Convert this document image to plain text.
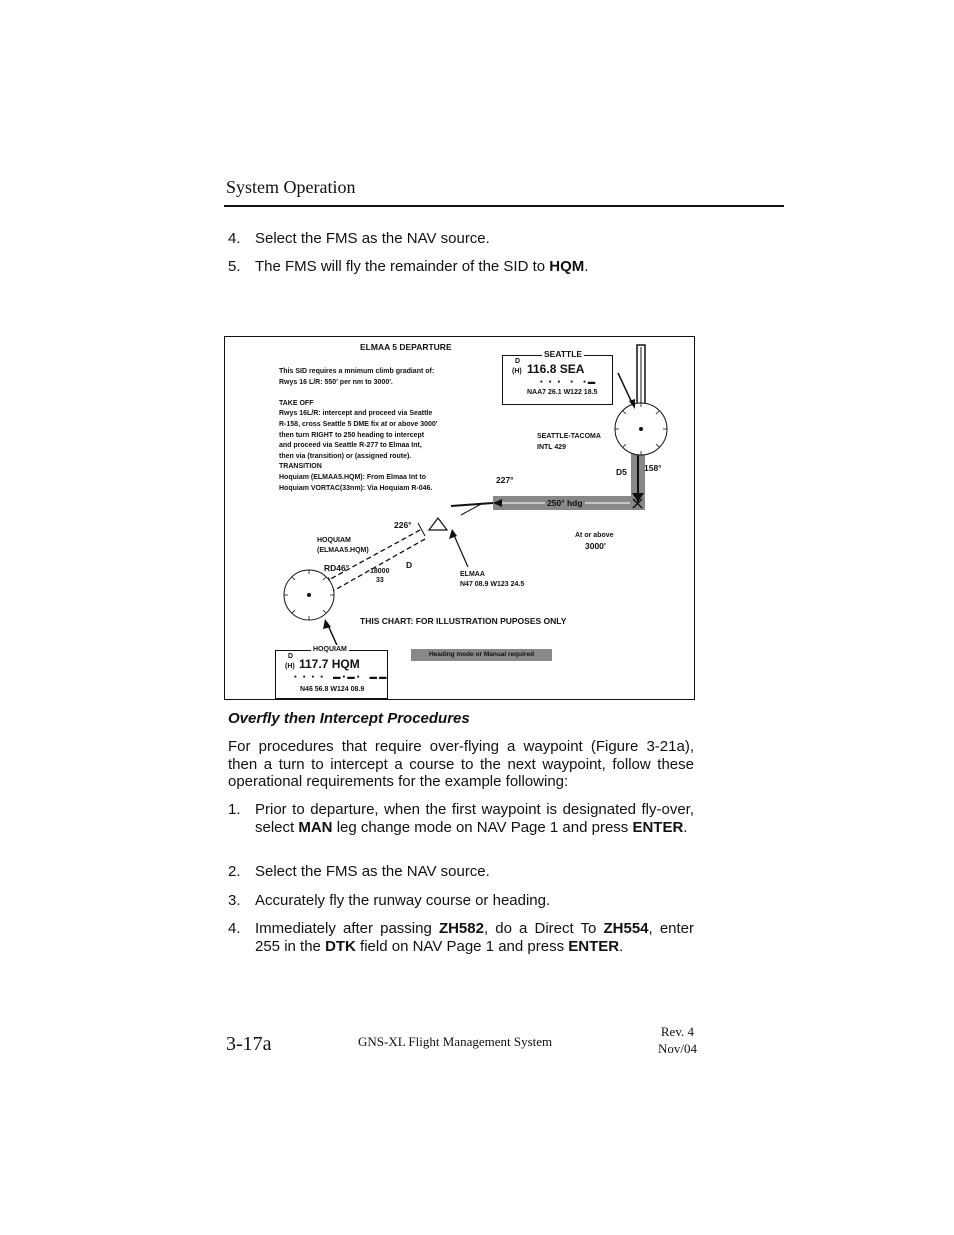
System Operation
4. Select the FMS as the NAV source.
5. The FMS will fly the remainder of the SID to HQM.
ELMAA 5 DEPARTURE
This SID requires a mnimum climb gradiant of:
Rwys 16 L/R: 550' per nm to 3000'.
TAKE OFF
Rwys 16L/R: intercept and proceed via Seattle
R-158, cross Seattle 5 DME fix at or above 3000'
then turn RIGHT to 250 heading to intercept
and proceed via Seattle R-277 to Elmaa Int,
then via (transition) or (assigned route).
TRANSITION
Hoquiam (ELMAA5.HQM): From Elmaa Int to
Hoquiam VORTAC(33nm): Via Hoquiam R-046.
D
(H) 116.8 SEA
▪ ▪ ▪  ▪  ▪▬
NAA7 26.1 W122 18.5
SEATTLE
SEATTLE-TACOMA
INTL 429
D5 158°
227°
250° hdg
At or above
3000'
226°
HOQUIAM
(ELMAA5.HQM)
RD46°	18000
33
D
ELMAA
N47 08.9 W123 24.5
THIS CHART: FOR ILLUSTRATION PUPOSES ONLY
D
(H) 117.7 HQM
▪ ▪ ▪ ▪  ▬▪▬▪  ▬▬
N46 56.8 W124 08.9
HOQUIAM
Heading mode or Manual required
Overfly then Intercept Procedures
For procedures that require over-flying a waypoint (Figure 3-21a), then a turn to intercept a course to the next waypoint, follow these operational requirements for the example following:
1. Prior to departure, when the first waypoint is designated fly-over, select MAN leg change mode on NAV Page 1 and press ENTER.
2. Select the FMS as the NAV source.
3. Accurately fly the runway course or heading.
4. Immediately after passing ZH582, do a Direct To ZH554, enter 255 in the DTK field on NAV Page 1 and press ENTER.
3-17a	GNS-XL Flight Management System
Rev. 4
Nov/04
